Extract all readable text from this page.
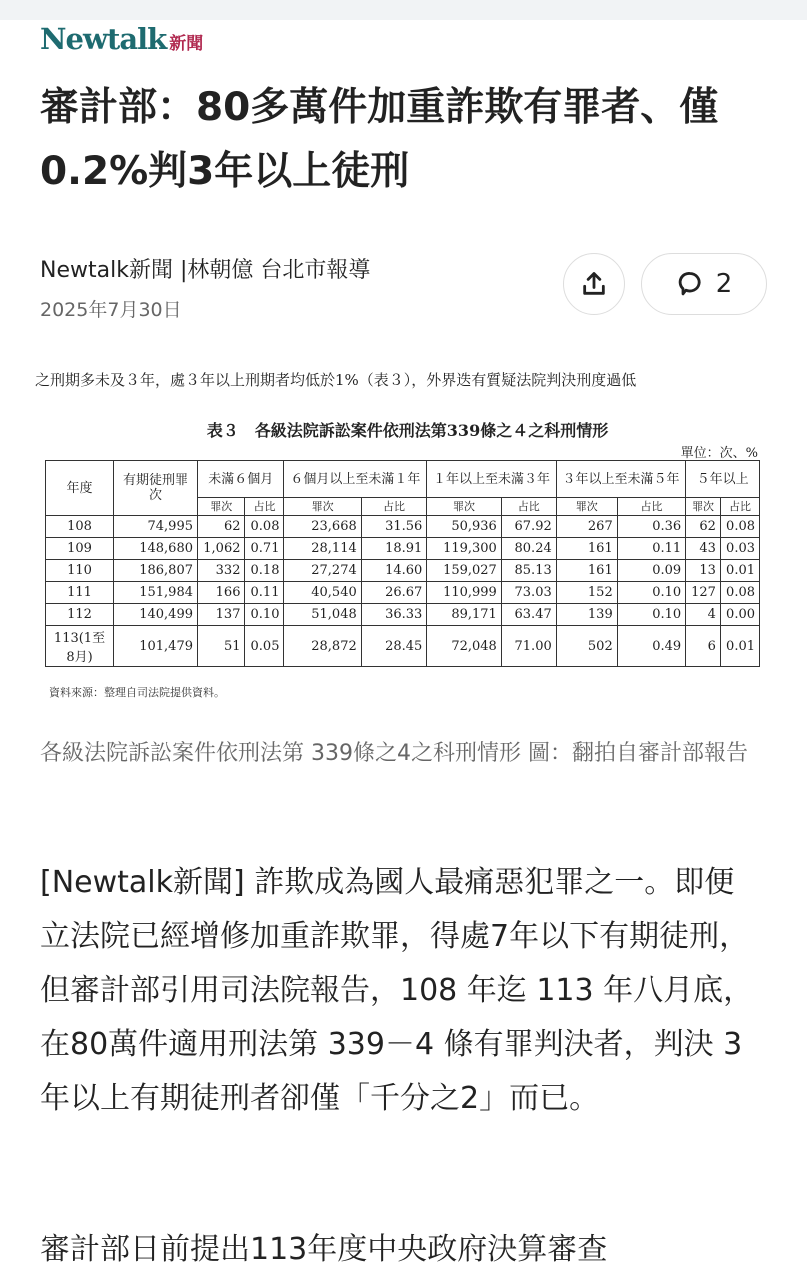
Newtalk 新聞
審計部：80多萬件加重詐欺有罪者、僅0.2%判3年以上徒刑
Newtalk新聞 |林朝億 台北市報導
2025年7月30日
2
之刑期多未及３年，處３年以上刑期者均低於1%（表３），外界迭有質疑法院判決刑度過低
表３　各級法院訴訟案件依刑法第339條之４之科刑情形
單位：次、%
年度	有期徒刑罪次	未滿６個月		６個月以上至未滿１年		１年以上至未滿３年		３年以上至未滿５年		５年以上	
		罪次	占比	罪次	占比	罪次	占比	罪次	占比	罪次	占比
108	74,995	62	0.08	23,668	31.56	50,936	67.92	267	0.36	62	0.08
109	148,680	1,062	0.71	28,114	18.91	119,300	80.24	161	0.11	43	0.03
110	186,807	332	0.18	27,274	14.60	159,027	85.13	161	0.09	13	0.01
111	151,984	166	0.11	40,540	26.67	110,999	73.03	152	0.10	127	0.08
112	140,499	137	0.10	51,048	36.33	89,171	63.47	139	0.10	4	0.00
113(1至8月)	101,479	51	0.05	28,872	28.45	72,048	71.00	502	0.49	6	0.01
資料來源：整理自司法院提供資料。
各級法院訴訟案件依刑法第 339條之4之科刑情形 圖：翻拍自審計部報告

[Newtalk新聞] 詐欺成為國人最痛惡犯罪之一。即便立法院已經增修加重詐欺罪，得處7年以下有期徒刑，但審計部引用司法院報告，108 年迄 113 年八月底，在80萬件適用刑法第 339－4 條有罪判決者，判決 3年以上有期徒刑者卻僅「千分之2」而已。

審計部日前提出113年度中央政府決算審查
